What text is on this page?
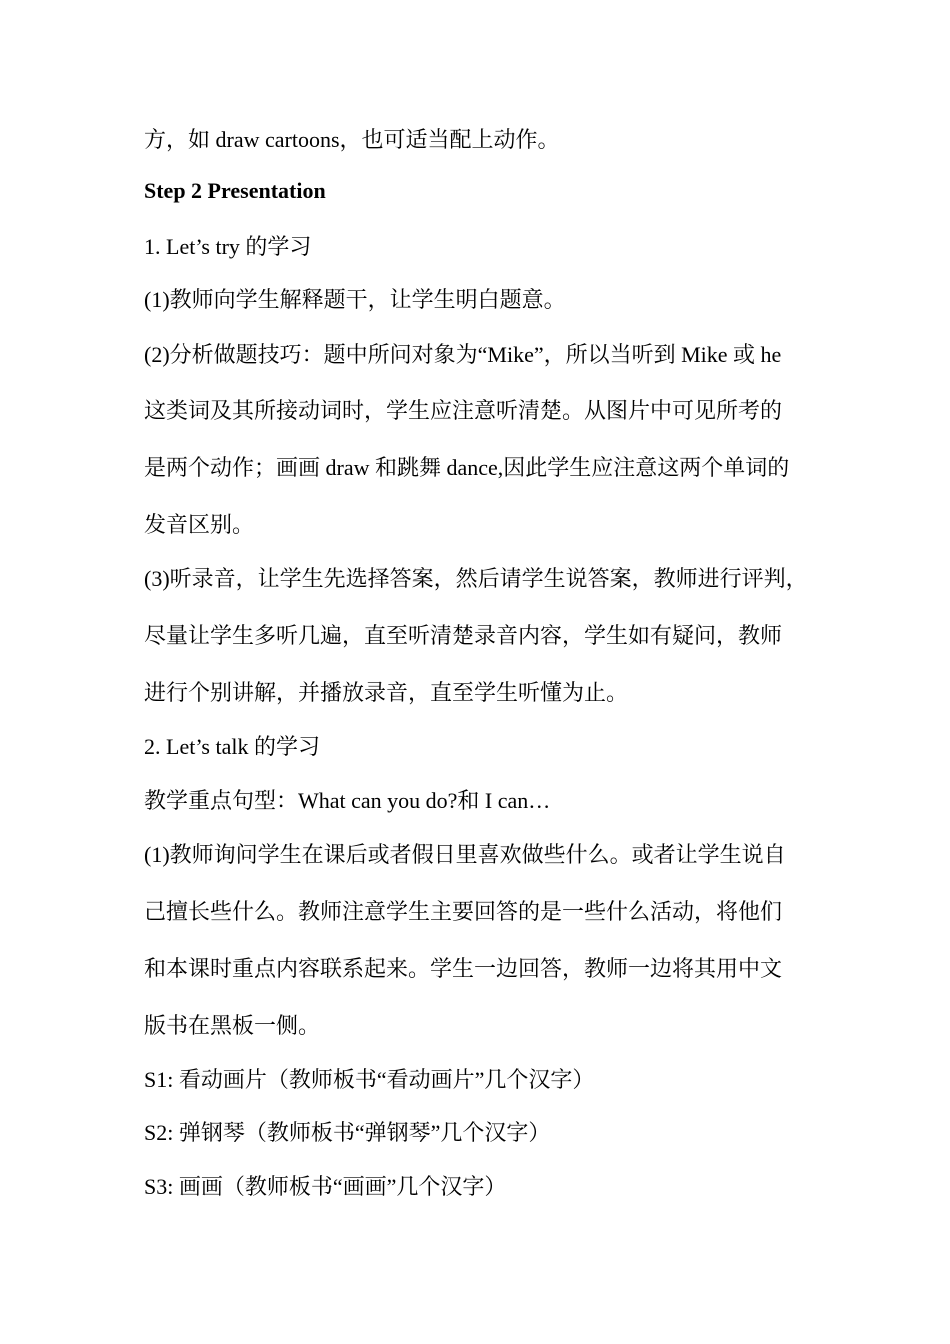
方，如 draw cartoons，也可适当配上动作。
Step 2 Presentation
1. Let’s try 的学习
(1)教师向学生解释题干，让学生明白题意。
(2)分析做题技巧：题中所问对象为“Mike”，所以当听到 Mike 或 he
这类词及其所接动词时，学生应注意听清楚。从图片中可见所考的
是两个动作；画画 draw 和跳舞 dance,因此学生应注意这两个单词的
发音区别。
(3)听录音，让学生先选择答案，然后请学生说答案，教师进行评判，
尽量让学生多听几遍，直至听清楚录音内容，学生如有疑问，教师
进行个别讲解，并播放录音，直至学生听懂为止。
2. Let’s talk 的学习
教学重点句型：What can you do?和 I can…
(1)教师询问学生在课后或者假日里喜欢做些什么。或者让学生说自
己擅长些什么。教师注意学生主要回答的是一些什么活动，将他们
和本课时重点内容联系起来。学生一边回答，教师一边将其用中文
版书在黑板一侧。
S1: 看动画片（教师板书“看动画片”几个汉字）
S2: 弹钢琴（教师板书“弹钢琴”几个汉字）
S3: 画画（教师板书“画画”几个汉字）
